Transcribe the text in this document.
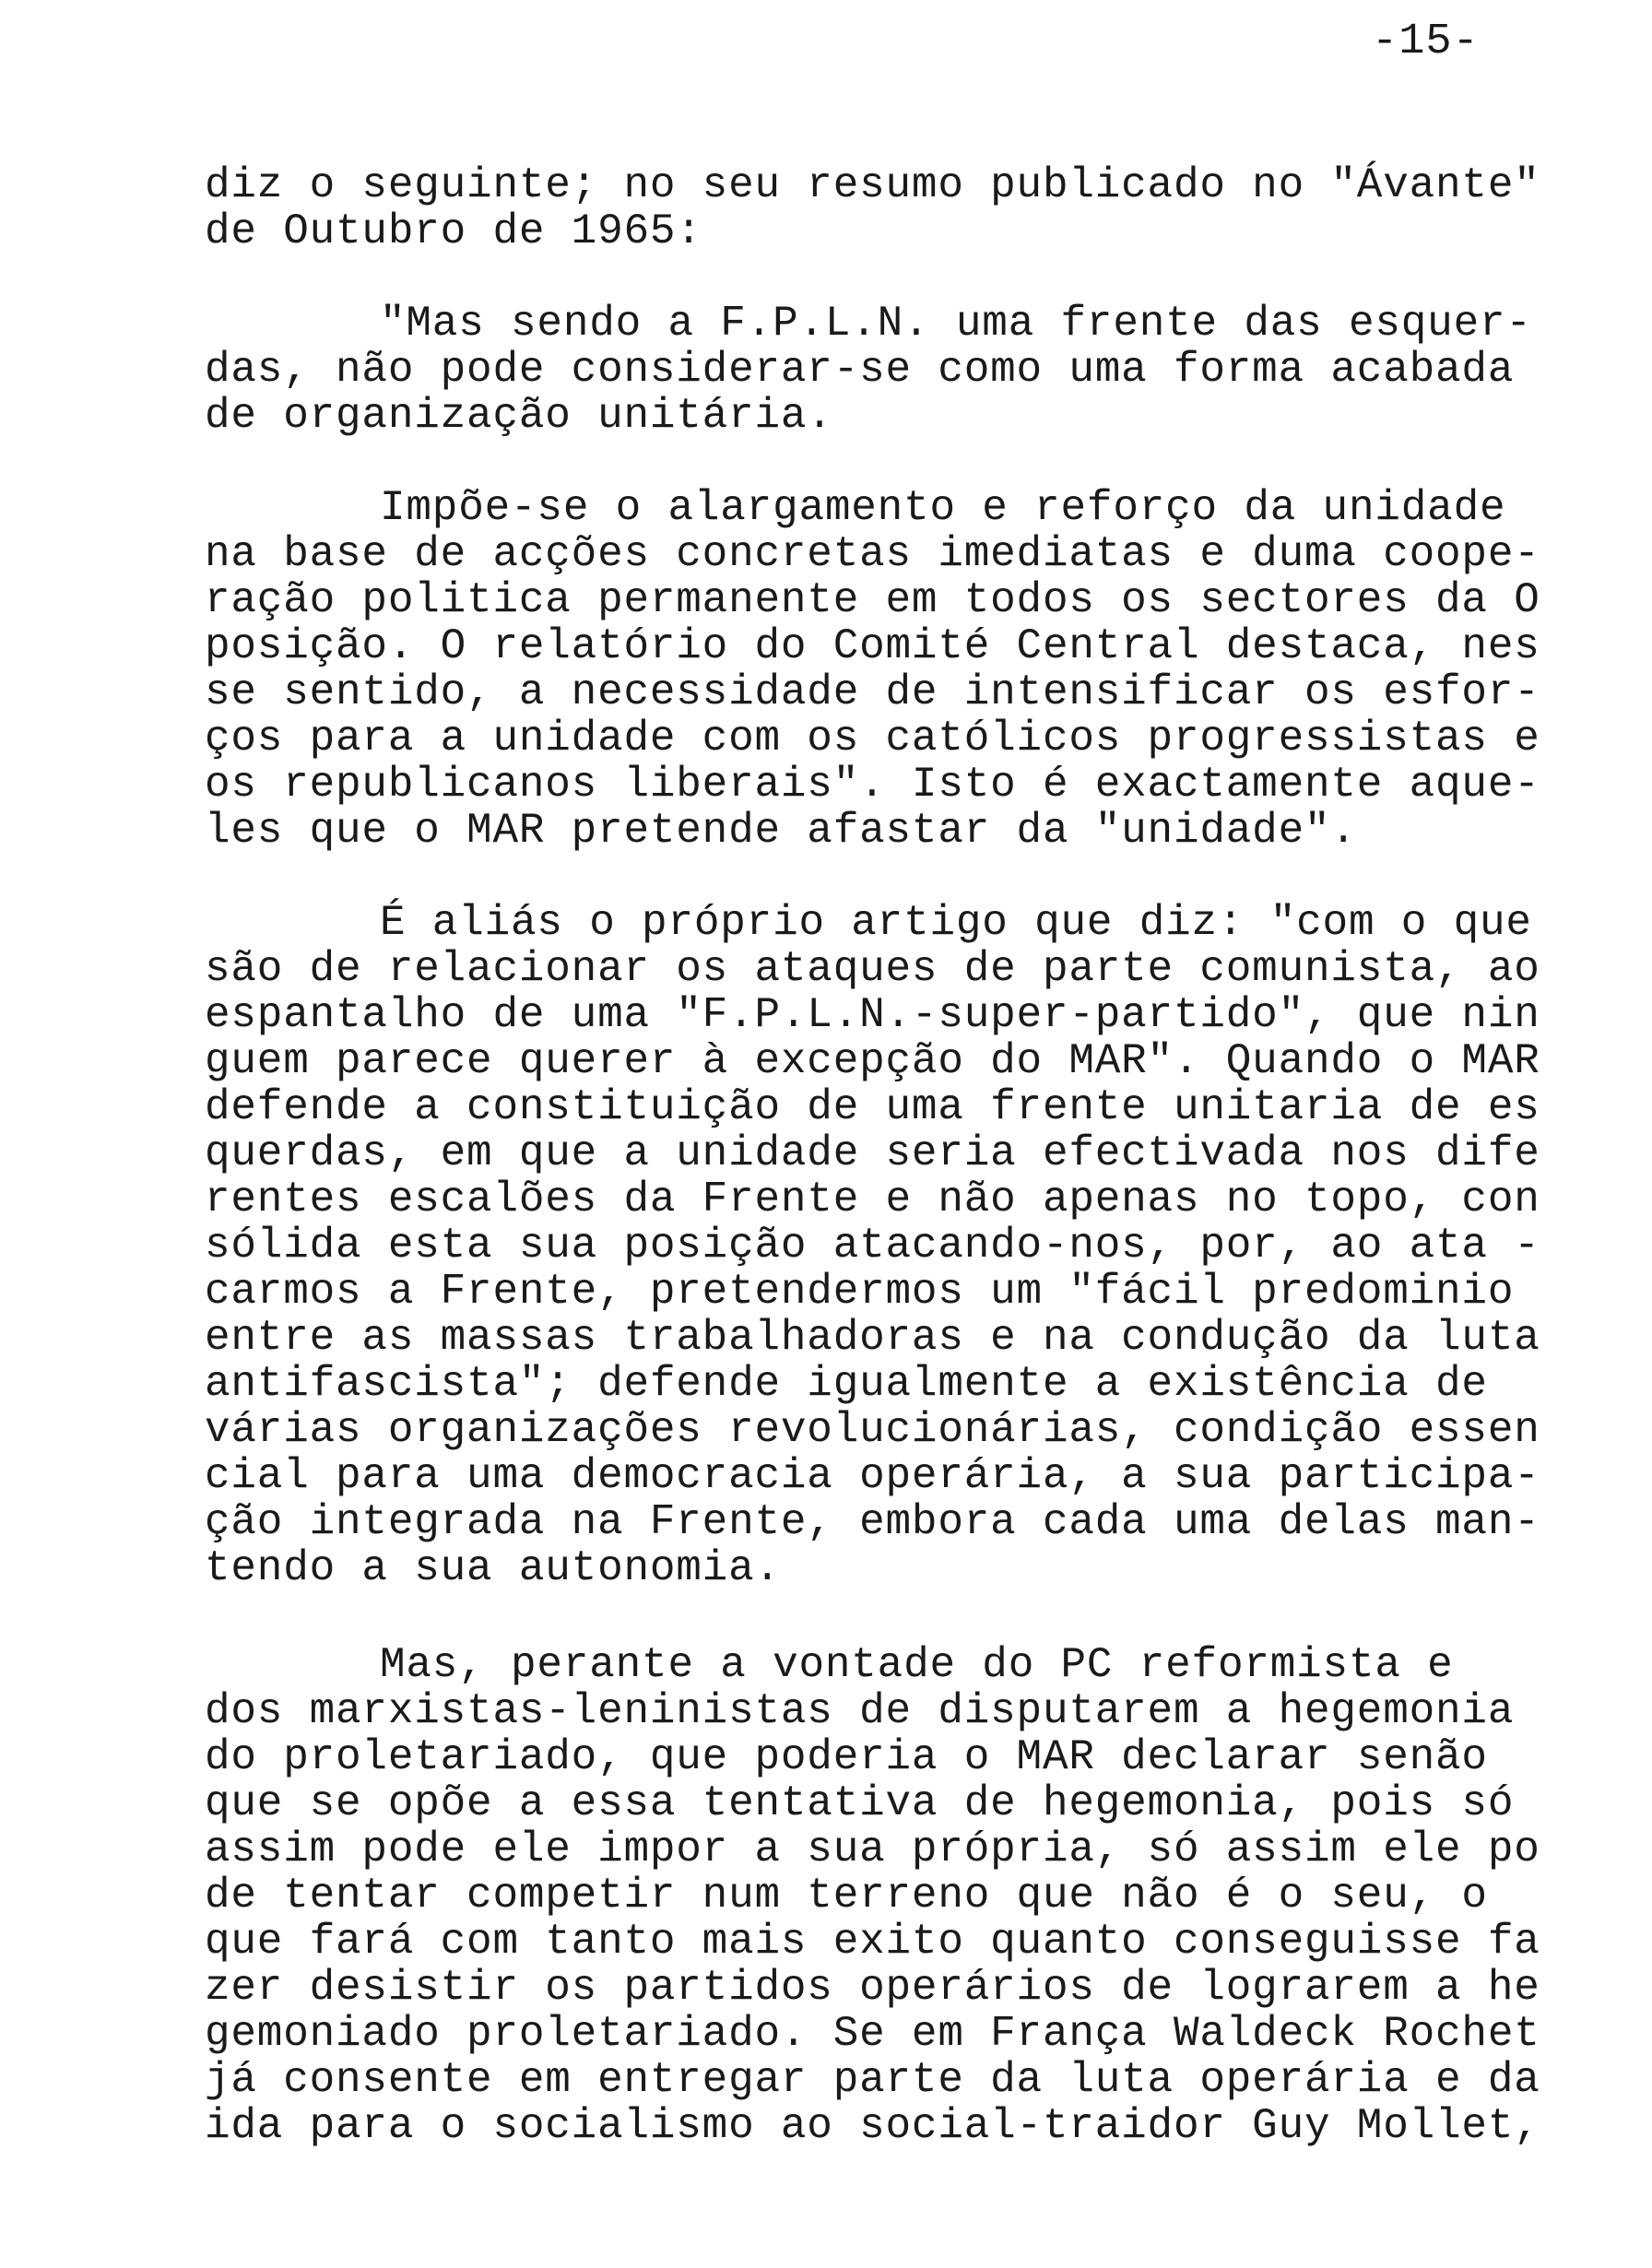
-15-

diz o seguinte; no seu resumo publicado no "Ávante"

de Outubro de 1965:

"Mas sendo a F.P.L.N. uma frente das esquer-

das, não pode considerar-se como uma forma acabada

de organização unitária.

Impõe-se o alargamento e reforço da unidade

na base de acções concretas imediatas e duma coope-

ração politica permanente em todos os sectores da O

posição. O relatório do Comité Central destaca, nes

se sentido, a necessidade de intensificar os esfor-

ços para a unidade com os católicos progressistas e

os republicanos liberais". Isto é exactamente aque-

les que o MAR pretende afastar da "unidade".

É aliás o próprio artigo que diz: "com o que

são de relacionar os ataques de parte comunista, ao

espantalho de uma "F.P.L.N.-super-partido", que nin

guem parece querer à excepção do MAR". Quando o MAR

defende a constituição de uma frente unitaria de es

querdas, em que a unidade seria efectivada nos dife

rentes escalões da Frente e não apenas no topo, con

sólida esta sua posição atacando-nos, por, ao ata -

carmos a Frente, pretendermos um "fácil predominio

entre as massas trabalhadoras e na condução da luta

antifascista"; defende igualmente a existência de

várias organizações revolucionárias, condição essen

cial para uma democracia operária, a sua participa-

ção integrada na Frente, embora cada uma delas man-

tendo a sua autonomia.

Mas, perante a vontade do PC reformista e

dos marxistas-leninistas de disputarem a hegemonia

do proletariado, que poderia o MAR declarar senão

que se opõe a essa tentativa de hegemonia, pois só

assim pode ele impor a sua própria, só assim ele po

de tentar competir num terreno que não é o seu, o

que fará com tanto mais exito quanto conseguisse fa

zer desistir os partidos operários de lograrem a he

gemoniado proletariado. Se em França Waldeck Rochet

já consente em entregar parte da luta operária e da

ida para o socialismo ao social-traidor Guy Mollet,
